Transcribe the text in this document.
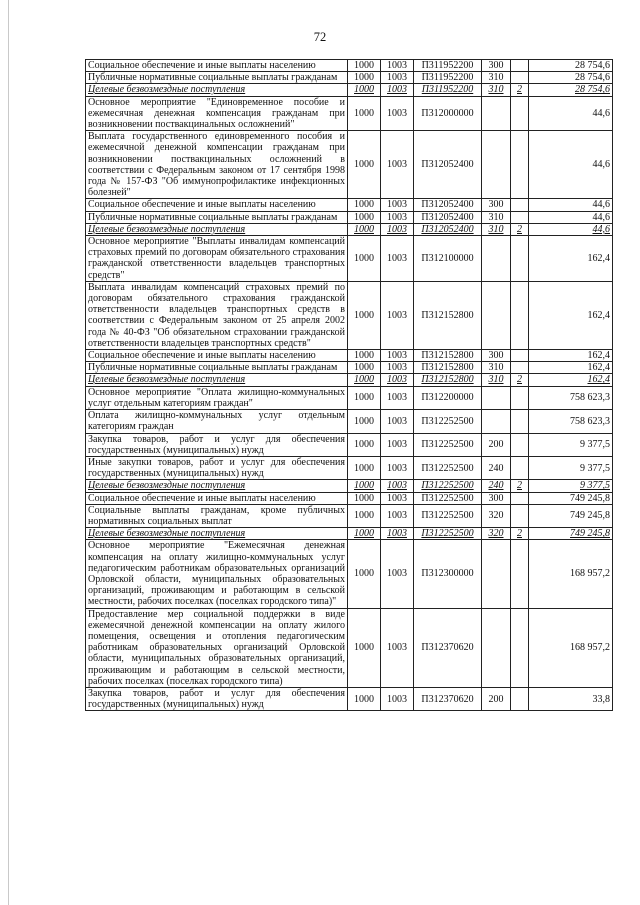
72
Социальное обеспечение и иные выплаты населению	1000	1003	П311952200	300		28 754,6
Публичные нормативные социальные выплаты гражданам	1000	1003	П311952200	310		28 754,6
Целевые безвозмездные поступления	1000	1003	П311952200	310	2	28 754,6
Основное мероприятие "Единовременное пособие и ежемесячная денежная компенсация гражданам при возникновении поствакцинальных осложнений"	1000	1003	П312000000			44,6
Выплата государственного единовременного пособия и ежемесячной денежной компенсации гражданам при возникновении поствакцинальных осложнений в соответствии с Федеральным законом от 17 сентября 1998 года № 157-ФЗ "Об иммунопрофилактике инфекционных болезней"	1000	1003	П312052400			44,6
Социальное обеспечение и иные выплаты населению	1000	1003	П312052400	300		44,6
Публичные нормативные социальные выплаты гражданам	1000	1003	П312052400	310		44,6
Целевые безвозмездные поступления	1000	1003	П312052400	310	2	44,6
Основное мероприятие "Выплаты инвалидам компенсаций страховых премий по договорам обязательного страхования гражданской ответственности владельцев транспортных средств"	1000	1003	П312100000			162,4
Выплата инвалидам компенсаций страховых премий по договорам обязательного страхования гражданской ответственности владельцев транспортных средств в соответствии с Федеральным законом от 25 апреля 2002 года № 40-ФЗ "Об обязательном страховании гражданской ответственности владельцев транспортных средств"	1000	1003	П312152800			162,4
Социальное обеспечение и иные выплаты населению	1000	1003	П312152800	300		162,4
Публичные нормативные социальные выплаты гражданам	1000	1003	П312152800	310		162,4
Целевые безвозмездные поступления	1000	1003	П312152800	310	2	162,4
Основное мероприятие "Оплата жилищно-коммунальных услуг отдельным категориям граждан"	1000	1003	П312200000			758 623,3
Оплата жилищно-коммунальных услуг отдельным категориям граждан	1000	1003	П312252500			758 623,3
Закупка товаров, работ и услуг для обеспечения государственных (муниципальных) нужд	1000	1003	П312252500	200		9 377,5
Иные закупки товаров, работ и услуг для обеспечения государственных (муниципальных) нужд	1000	1003	П312252500	240		9 377,5
Целевые безвозмездные поступления	1000	1003	П312252500	240	2	9 377,5
Социальное обеспечение и иные выплаты населению	1000	1003	П312252500	300		749 245,8
Социальные выплаты гражданам, кроме публичных нормативных социальных выплат	1000	1003	П312252500	320		749 245,8
Целевые безвозмездные поступления	1000	1003	П312252500	320	2	749 245,8
Основное мероприятие "Ежемесячная денежная компенсация на оплату жилищно-коммунальных услуг педагогическим работникам образовательных организаций Орловской области, муниципальных образовательных организаций, проживающим и работающим в сельской местности, рабочих поселках (поселках городского типа)"	1000	1003	П312300000			168 957,2
Предоставление мер социальной поддержки в виде ежемесячной денежной компенсации на оплату жилого помещения, освещения и отопления педагогическим работникам образовательных организаций Орловской области, муниципальных образовательных организаций, проживающим и работающим в сельской местности, рабочих поселках (поселках городского типа)	1000	1003	П312370620			168 957,2
Закупка товаров, работ и услуг для обеспечения государственных (муниципальных) нужд	1000	1003	П312370620	200		33,8
